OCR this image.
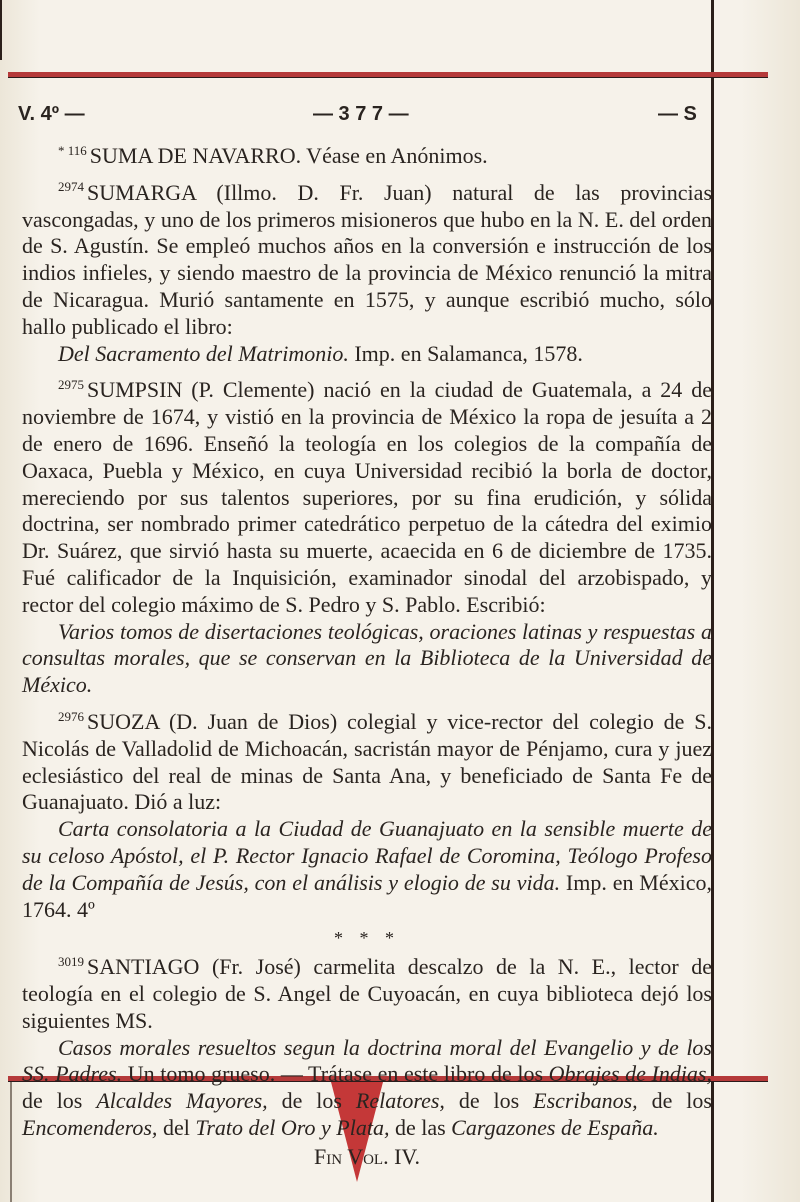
V. 4º —	— 3 7 7 —	— S

$^{* 116}$ SUMA DE NAVARRO. Véase en Anónimos.

$^{2974}$ SUMARGA (Illmo. D. Fr. Juan) natural de las provincias vascongadas, y uno de los primeros misioneros que hubo en la N. E. del orden de S. Agustín. Se empleó muchos años en la conversión e instrucción de los indios infieles, y siendo maestro de la provincia de México renunció la mitra de Nicaragua. Murió santamente en 1575, y aunque escribió mucho, sólo hallo publicado el libro:

Del Sacramento del Matrimonio. Imp. en Salamanca, 1578.

$^{2975}$ SUMPSIN (P. Clemente) nació en la ciudad de Guatemala, a 24 de noviembre de 1674, y vistió en la provincia de México la ropa de jesuíta a 2 de enero de 1696. Enseñó la teología en los colegios de la compañía de Oaxaca, Puebla y México, en cuya Universidad recibió la borla de doctor, mereciendo por sus talentos superiores, por su fina erudición, y sólida doctrina, ser nombrado primer catedrático perpetuo de la cátedra del eximio Dr. Suárez, que sirvió hasta su muerte, acaecida en 6 de diciembre de 1735. Fué calificador de la Inquisición, examinador sinodal del arzobispado, y rector del colegio máximo de S. Pedro y S. Pablo. Escribió:

Varios tomos de disertaciones teológicas, oraciones latinas y respuestas a consultas morales, que se conservan en la Biblioteca de la Universidad de México.

$^{2976}$ SUOZA (D. Juan de Dios) colegial y vice-rector del colegio de S. Nicolás de Valladolid de Michoacán, sacristán mayor de Pénjamo, cura y juez eclesiástico del real de minas de Santa Ana, y beneficiado de Santa Fe de Guanajuato. Dió a luz:

Carta consolatoria a la Ciudad de Guanajuato en la sensible muerte de su celoso Apóstol, el P. Rector Ignacio Rafael de Coromina, Teólogo Profeso de la Compañía de Jesús, con el análisis y elogio de su vida. Imp. en México, 1764. 4º

* * *

$^{3019}$ SANTIAGO (Fr. José) carmelita descalzo de la N. E., lector de teología en el colegio de S. Angel de Cuyoacán, en cuya biblioteca dejó los siguientes MS.

Casos morales resueltos segun la doctrina moral del Evangelio y de los SS. Padres. Un tomo grueso. — Trátase en este libro de los Obrajes de Indias, de los Alcaldes Mayores, de los Relatores, de los Escribanos, de los Encomenderos, del Trato del Oro y Plata, de las Cargazones de España.

Fin Vol. IV.
